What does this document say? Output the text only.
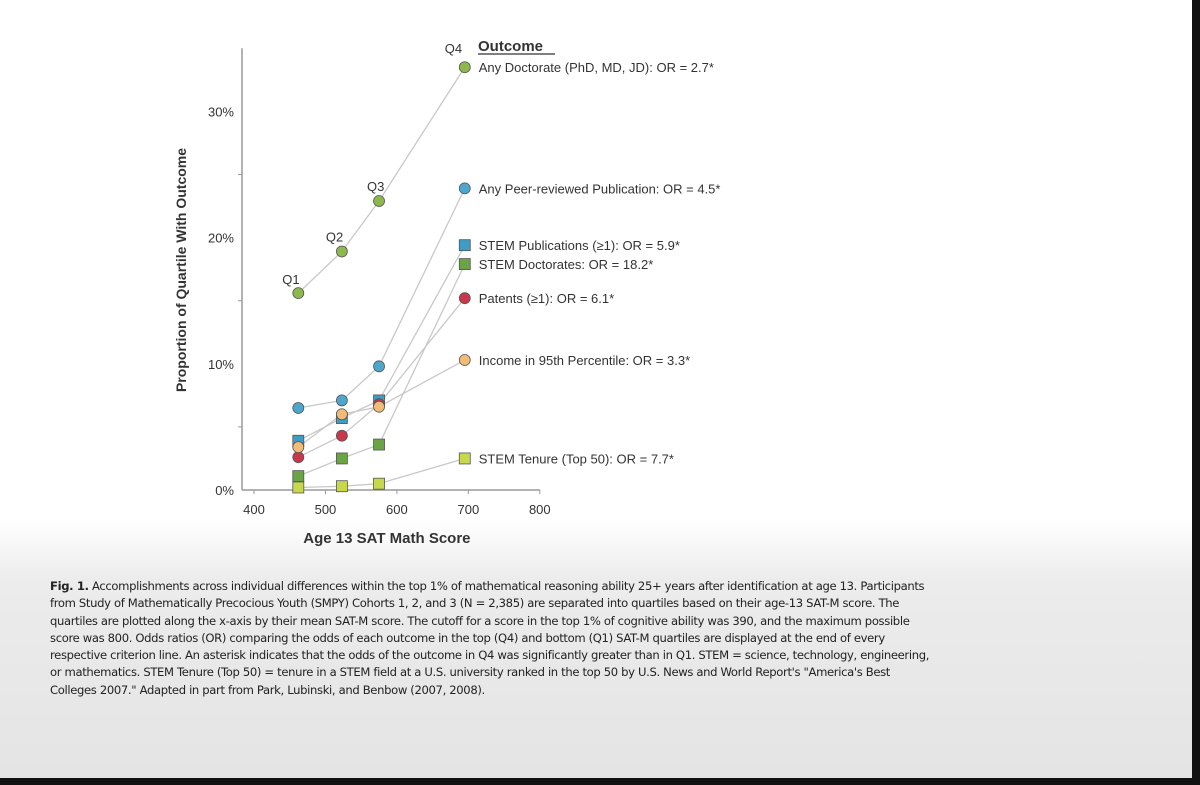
400	500	600	700	800
0%
10%
20%
30%
Age 13 SAT Math Score
Proportion of Quartile With Outcome
Outcome
Any Doctorate (PhD, MD, JD): OR = 2.7*
Any Peer-reviewed Publication: OR = 4.5*
STEM Publications (≥1): OR = 5.9*
STEM Doctorates: OR = 18.2*
Patents (≥1): OR = 6.1*
Income in 95th Percentile: OR = 3.3*
STEM Tenure (Top 50): OR = 7.7*
Q1
Q2
Q3
Q4
Fig. 1. Accomplishments across individual differences within the top 1% of mathematical reasoning ability 25+ years after identification at age 13. Participants from Study of Mathematically Precocious Youth (SMPY) Cohorts 1, 2, and 3 (N = 2,385) are separated into quartiles based on their age-13 SAT-M score. The quartiles are plotted along the x-axis by their mean SAT-M score. The cutoff for a score in the top 1% of cognitive ability was 390, and the maximum possible score was 800. Odds ratios (OR) comparing the odds of each outcome in the top (Q4) and bottom (Q1) SAT-M quartiles are displayed at the end of every respective criterion line. An asterisk indicates that the odds of the outcome in Q4 was significantly greater than in Q1. STEM = science, technology, engineering, or mathematics. STEM Tenure (Top 50) = tenure in a STEM field at a U.S. university ranked in the top 50 by U.S. News and World Report's "America's Best Colleges 2007." Adapted in part from Park, Lubinski, and Benbow (2007, 2008).
